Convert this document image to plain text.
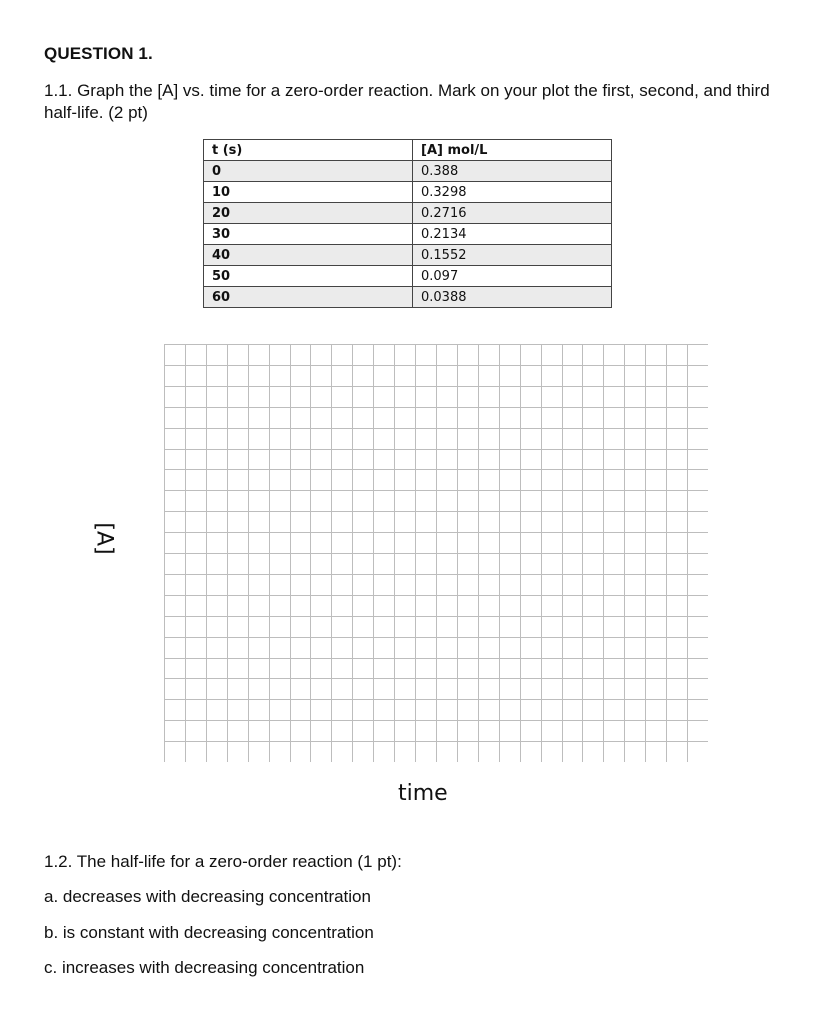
QUESTION 1.
1.1. Graph the [A] vs. time for a zero-order reaction. Mark on your plot the first, second, and third half-life. (2 pt)
t (s)	[A] mol/L
0	0.388
10	0.3298
20	0.2716
30	0.2134
40	0.1552
50	0.097
60	0.0388
[A]
time
1.2. The half-life for a zero-order reaction (1 pt):
a. decreases with decreasing concentration
b. is constant with decreasing concentration
c. increases with decreasing concentration
